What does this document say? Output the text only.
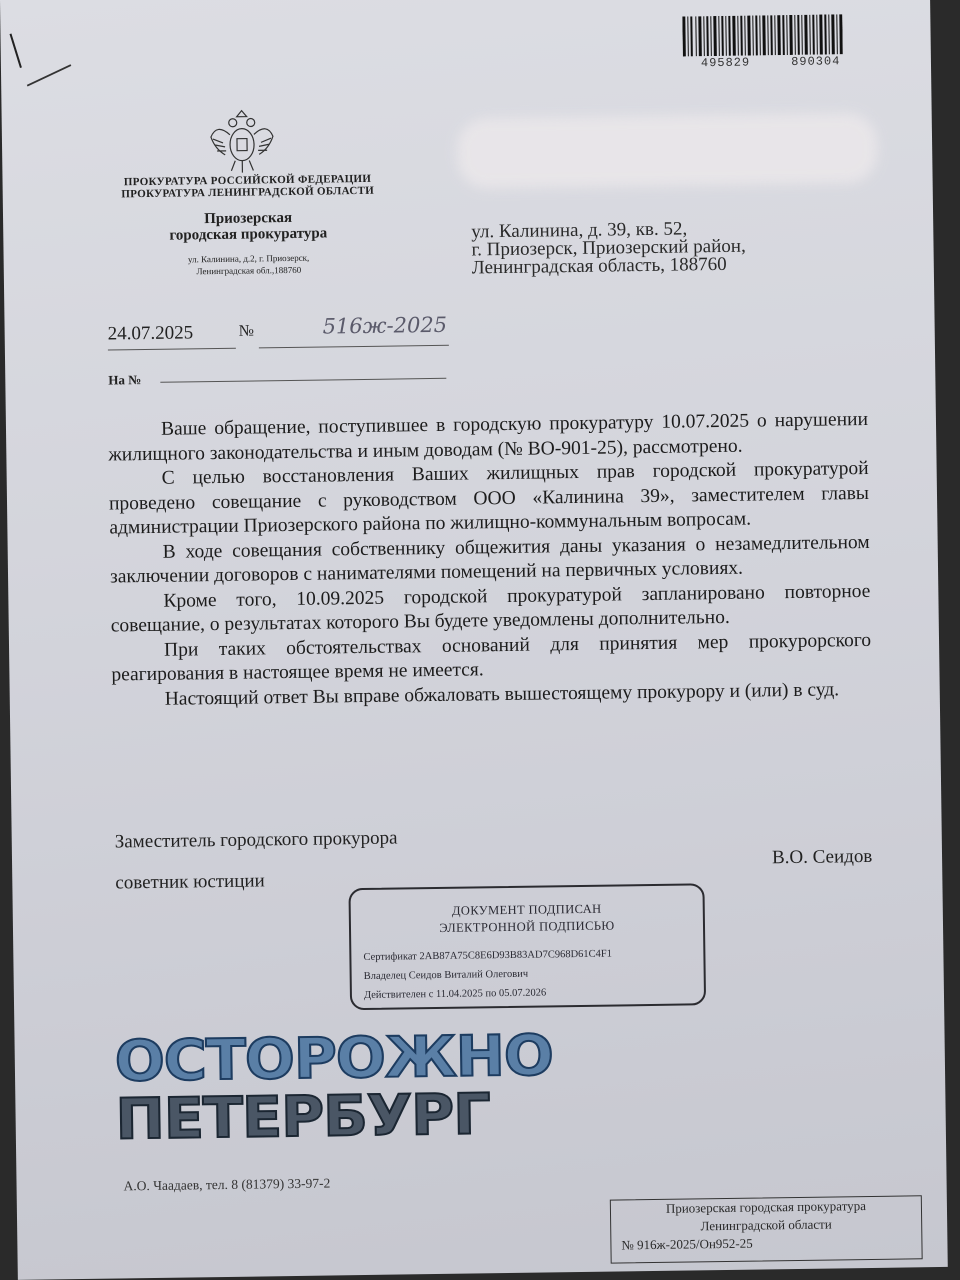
495829     890304
ПРОКУРАТУРА РОССИЙСКОЙ ФЕДЕРАЦИИ
ПРОКУРАТУРА ЛЕНИНГРАДСКОЙ ОБЛАСТИ
Приозерская
городская прокуратура
ул. Калинина, д.2, г. Приозерск,
Ленинградская обл.,188760
ул. Калинина, д. 39, кв. 52,
г. Приозерск, Приозерский район,
Ленинградская область, 188760
24.07.2025	№	516ж-2025
На №

Ваше обращение, поступившее в городскую прокуратуру 10.07.2025 о нарушении жилищного законодательства и иным доводам (№ ВО-901-25), рассмотрено.

С целью восстановления Ваших жилищных прав городской прокуратурой проведено совещание с руководством ООО «Калинина 39», заместителем главы администрации Приозерского района по жилищно-коммунальным вопросам.

В ходе совещания собственнику общежития даны указания о незамедлительном заключении договоров с нанимателями помещений на первичных условиях.

Кроме того, 10.09.2025 городской прокуратурой запланировано повторное совещание, о результатах которого Вы будете уведомлены дополнительно.

При таких обстоятельствах оснований для принятия мер прокурорского реагирования в настоящее время не имеется.

Настоящий ответ Вы вправе обжаловать вышестоящему прокурору и (или) в суд.

Заместитель городского прокурора
советник юстиции
В.О. Сеидов
ДОКУМЕНТ ПОДПИСАН
ЭЛЕКТРОННОЙ ПОДПИСЬЮ
Сертификат 2AB87A75C8E6D93B83AD7C968D61C4F1
Владелец Сеидов Виталий Олегович
Действителен с 11.04.2025 по 05.07.2026
ОСТОРОЖНО
ПЕТЕРБУРГ
А.О. Чаадаев, тел. 8 (81379) 33-97-2
Приозерская городская прокуратура
Ленинградской области
№ 916ж-2025/Он952-25
